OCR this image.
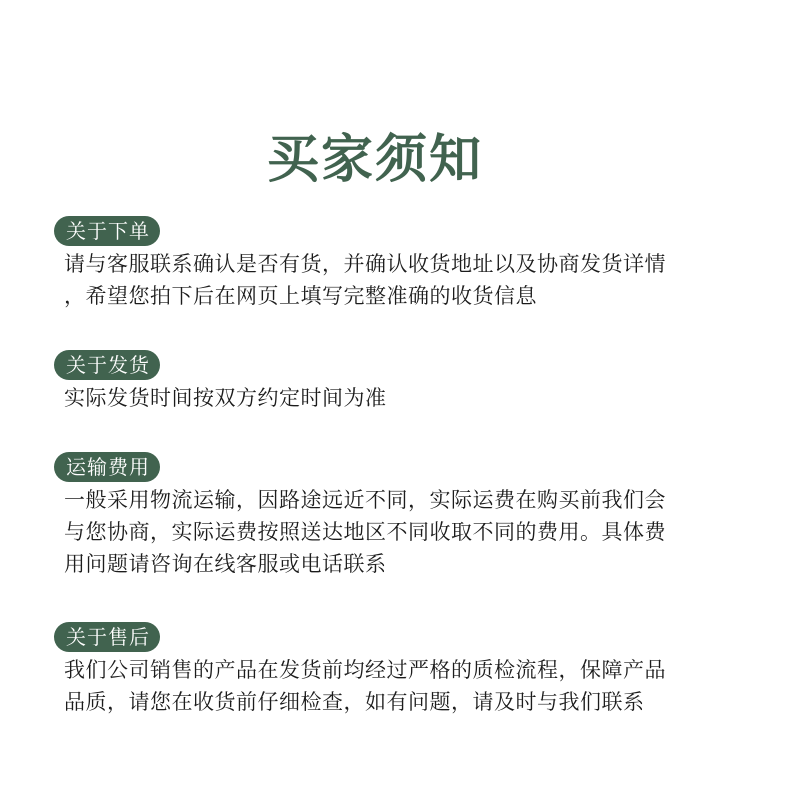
买家须知
关于下单
请与客服联系确认是否有货，并确认收货地址以及协商发货详情
，希望您拍下后在网页上填写完整准确的收货信息
关于发货
实际发货时间按双方约定时间为准
运输费用
一般采用物流运输，因路途远近不同，实际运费在购买前我们会
与您协商，实际运费按照送达地区不同收取不同的费用。具体费
用问题请咨询在线客服或电话联系
关于售后
我们公司销售的产品在发货前均经过严格的质检流程，保障产品
品质，请您在收货前仔细检查，如有问题，请及时与我们联系
